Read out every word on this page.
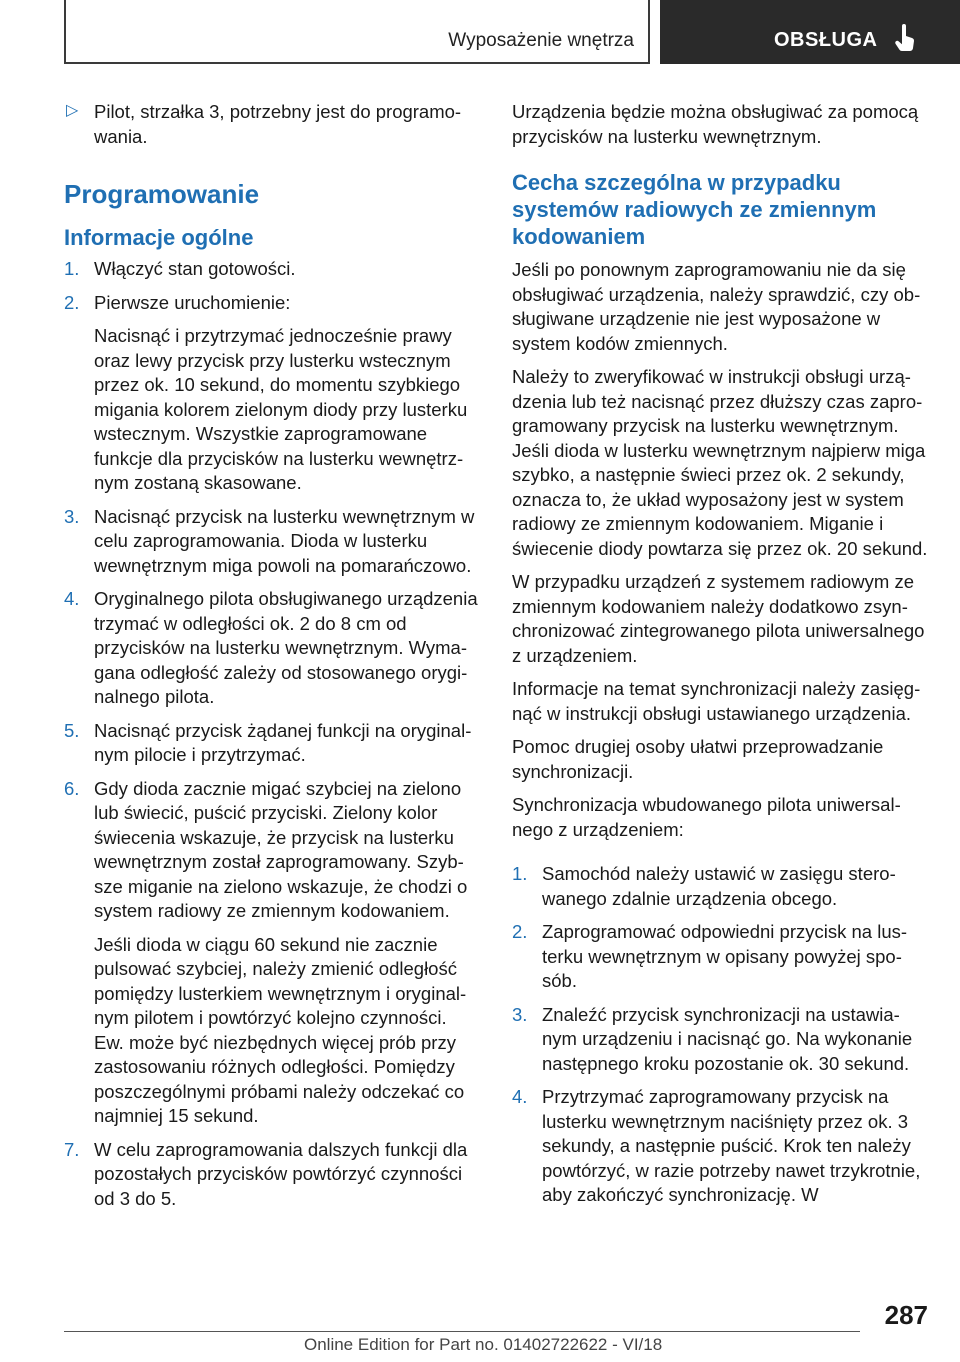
Wyposażenie wnętrza	OBSŁUGA
▷ Pilot, strzałka 3, potrzebny jest do programowania.

Programowanie
Informacje ogólne
1. Włączyć stan gotowości.

2. Pierwsze uruchomienie:

Nacisnąć i przytrzymać jednocześnie prawy oraz lewy przycisk przy lusterku wstecznym przez ok. 10 sekund, do momentu szybkiego migania kolorem zielonym diody przy lusterku wstecznym. Wszystkie zaprogramowane funkcje dla przycisków na lusterku wewnętrznym zostaną skasowane.

3. Nacisnąć przycisk na lusterku wewnętrznym w celu zaprogramowania. Dioda w lusterku wewnętrznym miga powoli na pomarańczowo.

4. Oryginalnego pilota obsługiwanego urządzenia trzymać w odległości ok. 2 do 8 cm od przycisków na lusterku wewnętrznym. Wymagana odległość zależy od stosowanego oryginalnego pilota.

5. Nacisnąć przycisk żądanej funkcji na oryginalnym pilocie i przytrzymać.

6. Gdy dioda zacznie migać szybciej na zielono lub świecić, puścić przyciski. Zielony kolor świecenia wskazuje, że przycisk na lusterku wewnętrznym został zaprogramowany. Szybsze miganie na zielono wskazuje, że chodzi o system radiowy ze zmiennym kodowaniem.

Jeśli dioda w ciągu 60 sekund nie zacznie pulsować szybciej, należy zmienić odległość pomiędzy lusterkiem wewnętrznym i oryginalnym pilotem i powtórzyć kolejno czynności. Ew. może być niezbędnych więcej prób przy zastosowaniu różnych odległości. Pomiędzy poszczególnymi próbami należy odczekać co najmniej 15 sekund.

7. W celu zaprogramowania dalszych funkcji dla pozostałych przycisków powtórzyć czynności od 3 do 5.

Urządzenia będzie można obsługiwać za pomocą przycisków na lusterku wewnętrznym.

Cecha szczególna w przypadku systemów radiowych ze zmiennym kodowaniem

Jeśli po ponownym zaprogramowaniu nie da się obsługiwać urządzenia, należy sprawdzić, czy obsługiwane urządzenie nie jest wyposażone w system kodów zmiennych.

Należy to zweryfikować w instrukcji obsługi urządzenia lub też nacisnąć przez dłuższy czas zaprogramowany przycisk na lusterku wewnętrznym. Jeśli dioda w lusterku wewnętrznym najpierw miga szybko, a następnie świeci przez ok. 2 sekundy, oznacza to, że układ wyposażony jest w system radiowy ze zmiennym kodowaniem. Miganie i świecenie diody powtarza się przez ok. 20 sekund.

W przypadku urządzeń z systemem radiowym ze zmiennym kodowaniem należy dodatkowo zsynchronizować zintegrowanego pilota uniwersalnego z urządzeniem.

Informacje na temat synchronizacji należy zasięgnąć w instrukcji obsługi ustawianego urządzenia.

Pomoc drugiej osoby ułatwi przeprowadzanie synchronizacji.

Synchronizacja wbudowanego pilota uniwersalnego z urządzeniem:

1. Samochód należy ustawić w zasięgu sterowanego zdalnie urządzenia obcego.

2. Zaprogramować odpowiedni przycisk na lusterku wewnętrznym w opisany powyżej sposób.

3. Znaleźć przycisk synchronizacji na ustawianym urządzeniu i nacisnąć go. Na wykonanie następnego kroku pozostanie ok. 30 sekund.

4. Przytrzymać zaprogramowany przycisk na lusterku wewnętrznym naciśnięty przez ok. 3 sekundy, a następnie puścić. Krok ten należy powtórzyć, w razie potrzeby nawet trzykrotnie, aby zakończyć synchronizację. W

287
Online Edition for Part no. 01402722622 - VI/18
